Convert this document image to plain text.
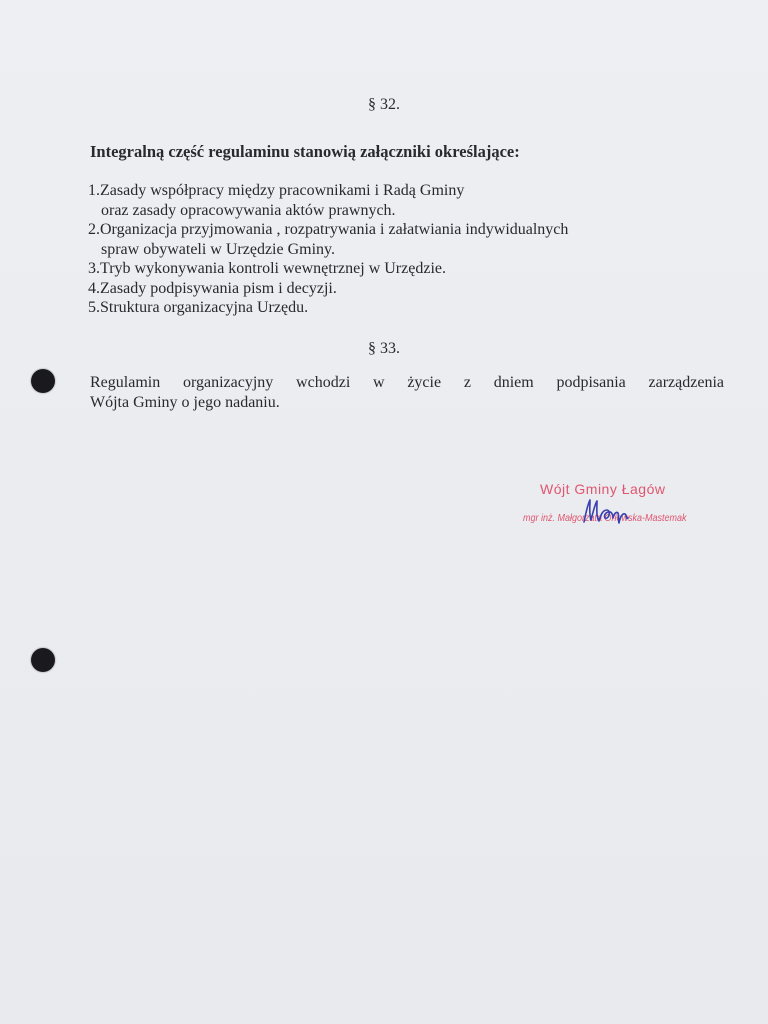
§ 32.
Integralną część regulaminu stanowią załączniki określające:
1.Zasady współpracy między pracownikami i Radą Gminy
oraz zasady opracowywania aktów prawnych.
2.Organizacja przyjmowania , rozpatrywania i załatwiania indywidualnych
spraw obywateli w Urzędzie Gminy.
3.Tryb wykonywania kontroli wewnętrznej w Urzędzie.
4.Zasady podpisywania pism i decyzji.
5.Struktura organizacyjna Urzędu.
§ 33.
Regulamin organizacyjny wchodzi w życie z dniem podpisania zarządzenia
Wójta Gminy o jego nadaniu.
Wójt Gminy Łagów
mgr inż. Małgorzata Orłowska-Mastemak
